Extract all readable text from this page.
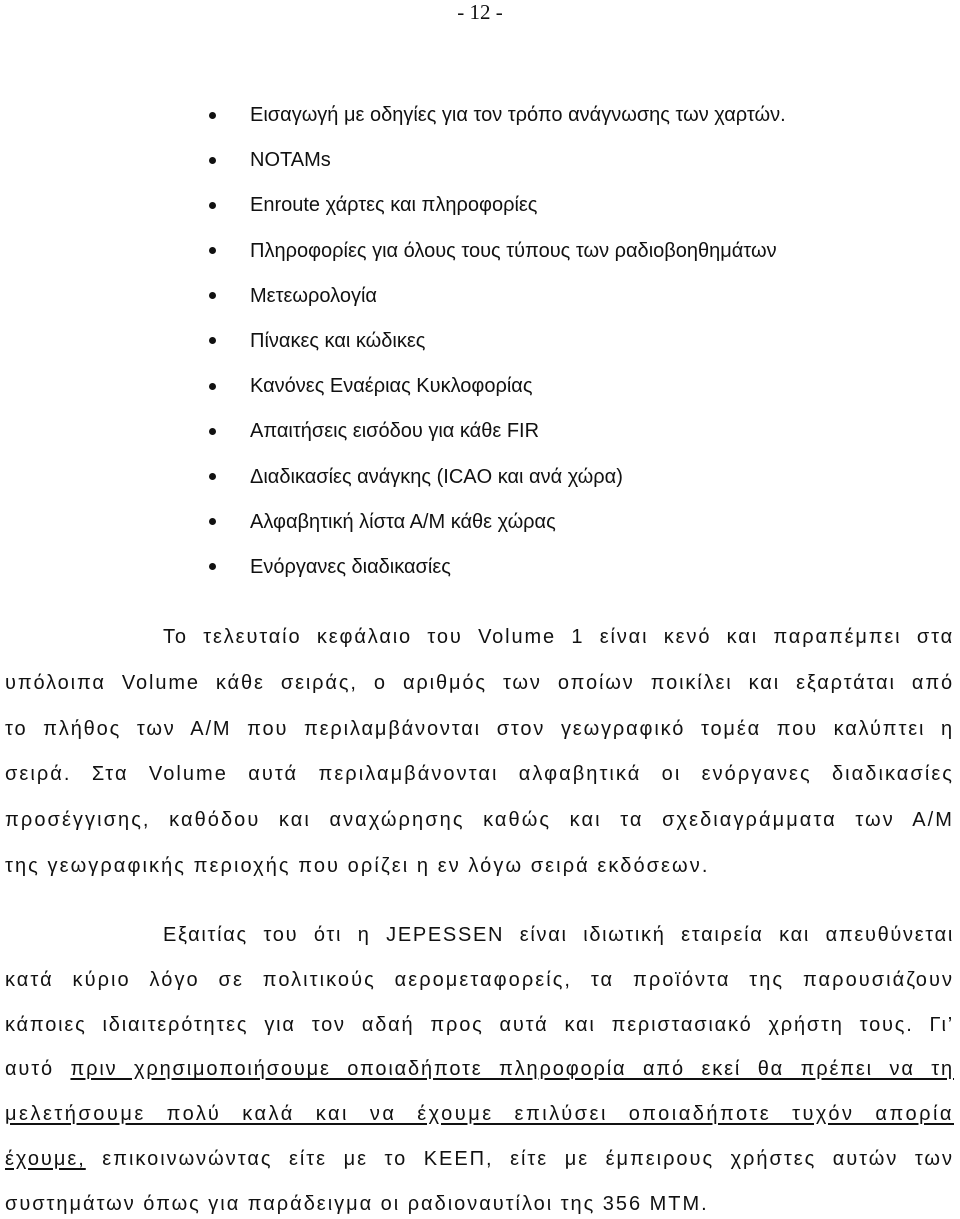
- 12 -
Εισαγωγή με οδηγίες για τον τρόπο ανάγνωσης των χαρτών.
NOTAMs
Enroute χάρτες και πληροφορίες
Πληροφορίες για όλους τους τύπους των ραδιοβοηθημάτων
Μετεωρολογία
Πίνακες και κώδικες
Κανόνες Εναέριας Κυκλοφορίας
Απαιτήσεις εισόδου για κάθε FIR
Διαδικασίες ανάγκης (ICAO και ανά χώρα)
Αλφαβητική λίστα Α/Μ κάθε χώρας
Ενόργανες διαδικασίες
Το τελευταίο κεφάλαιο του Volume 1 είναι κενό και παραπέμπει στα
υπόλοιπα Volume κάθε σειράς, ο αριθμός των οποίων ποικίλει και εξαρτάται από
το πλήθος των Α/Μ που περιλαμβάνονται στον γεωγραφικό τομέα που καλύπτει η
σειρά. Στα Volume αυτά περιλαμβάνονται αλφαβητικά οι ενόργανες διαδικασίες
προσέγγισης, καθόδου και αναχώρησης καθώς και τα σχεδιαγράμματα των Α/Μ
της γεωγραφικής περιοχής που ορίζει η εν λόγω σειρά εκδόσεων.
Εξαιτίας του ότι η JEPESSEN είναι ιδιωτική εταιρεία και απευθύνεται
κατά κύριο λόγο σε πολιτικούς αερομεταφορείς, τα προϊόντα της παρουσιάζουν
κάποιες ιδιαιτερότητες για τον αδαή προς αυτά και περιστασιακό χρήστη τους. Γι’
αυτό πριν χρησιμοποιήσουμε οποιαδήποτε πληροφορία από εκεί θα πρέπει να τη
μελετήσουμε πολύ καλά και να έχουμε επιλύσει οποιαδήποτε τυχόν απορία
έχουμε, επικοινωνώντας είτε με το ΚΕΕΠ, είτε με έμπειρους χρήστες αυτών των
συστημάτων όπως για παράδειγμα οι ραδιοναυτίλοι της 356 ΜΤΜ.
